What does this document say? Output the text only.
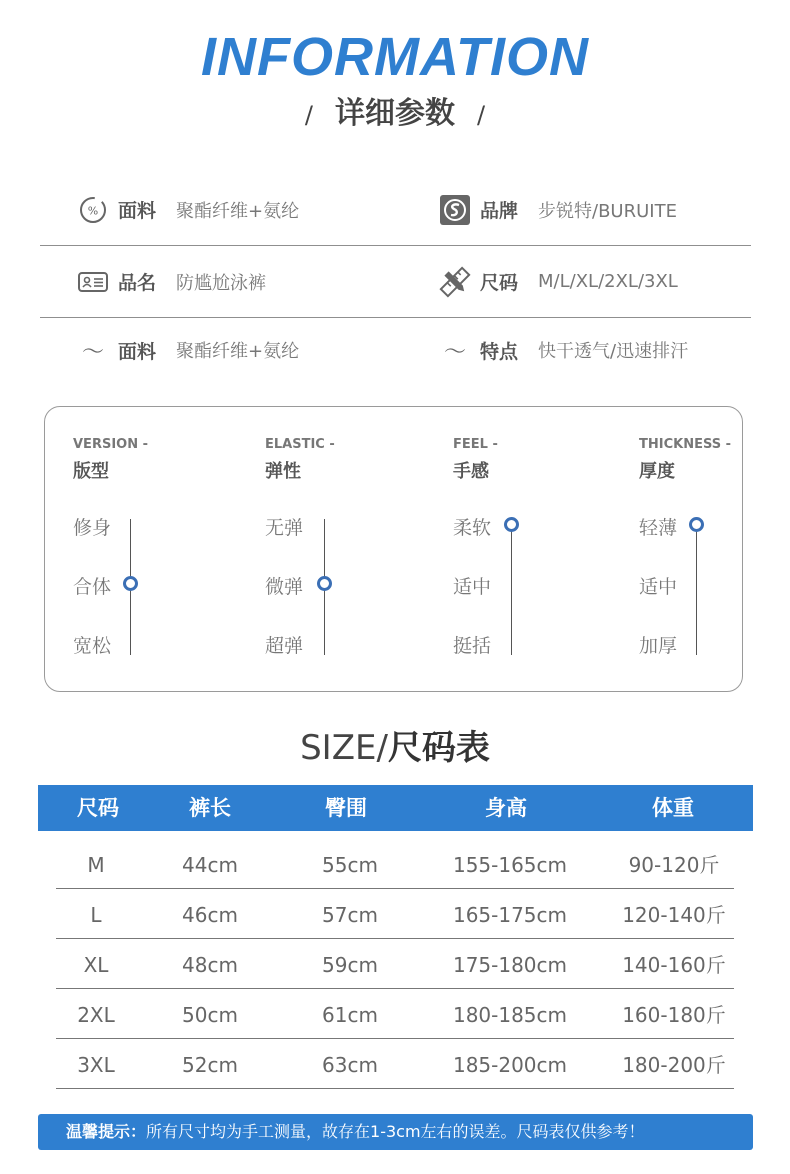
INFORMATION
/ 详细参数 /
% 面料 聚酯纤维+氨纶	品牌 步锐特/BURUITE
品名 防尴尬泳裤	尺码 M/L/XL/2XL/3XL
～ 面料 聚酯纤维+氨纶	～ 特点 快干透气/迅速排汗
VERSION -
版型
修身
合体
宽松
ELASTIC -
弹性
无弹
微弹
超弹
FEEL -
手感
柔软
适中
挺括
THICKNESS -
厚度
轻薄
适中
加厚
SIZE/尺码表
尺码	裤长	臀围	身高	体重
M	44cm	55cm	155-165cm	90-120斤
L	46cm	57cm	165-175cm	120-140斤
XL	48cm	59cm	175-180cm	140-160斤
2XL	50cm	61cm	180-185cm	160-180斤
3XL	52cm	63cm	185-200cm	180-200斤
温馨提示：所有尺寸均为手工测量，故存在1-3cm左右的误差。尺码表仅供参考！
